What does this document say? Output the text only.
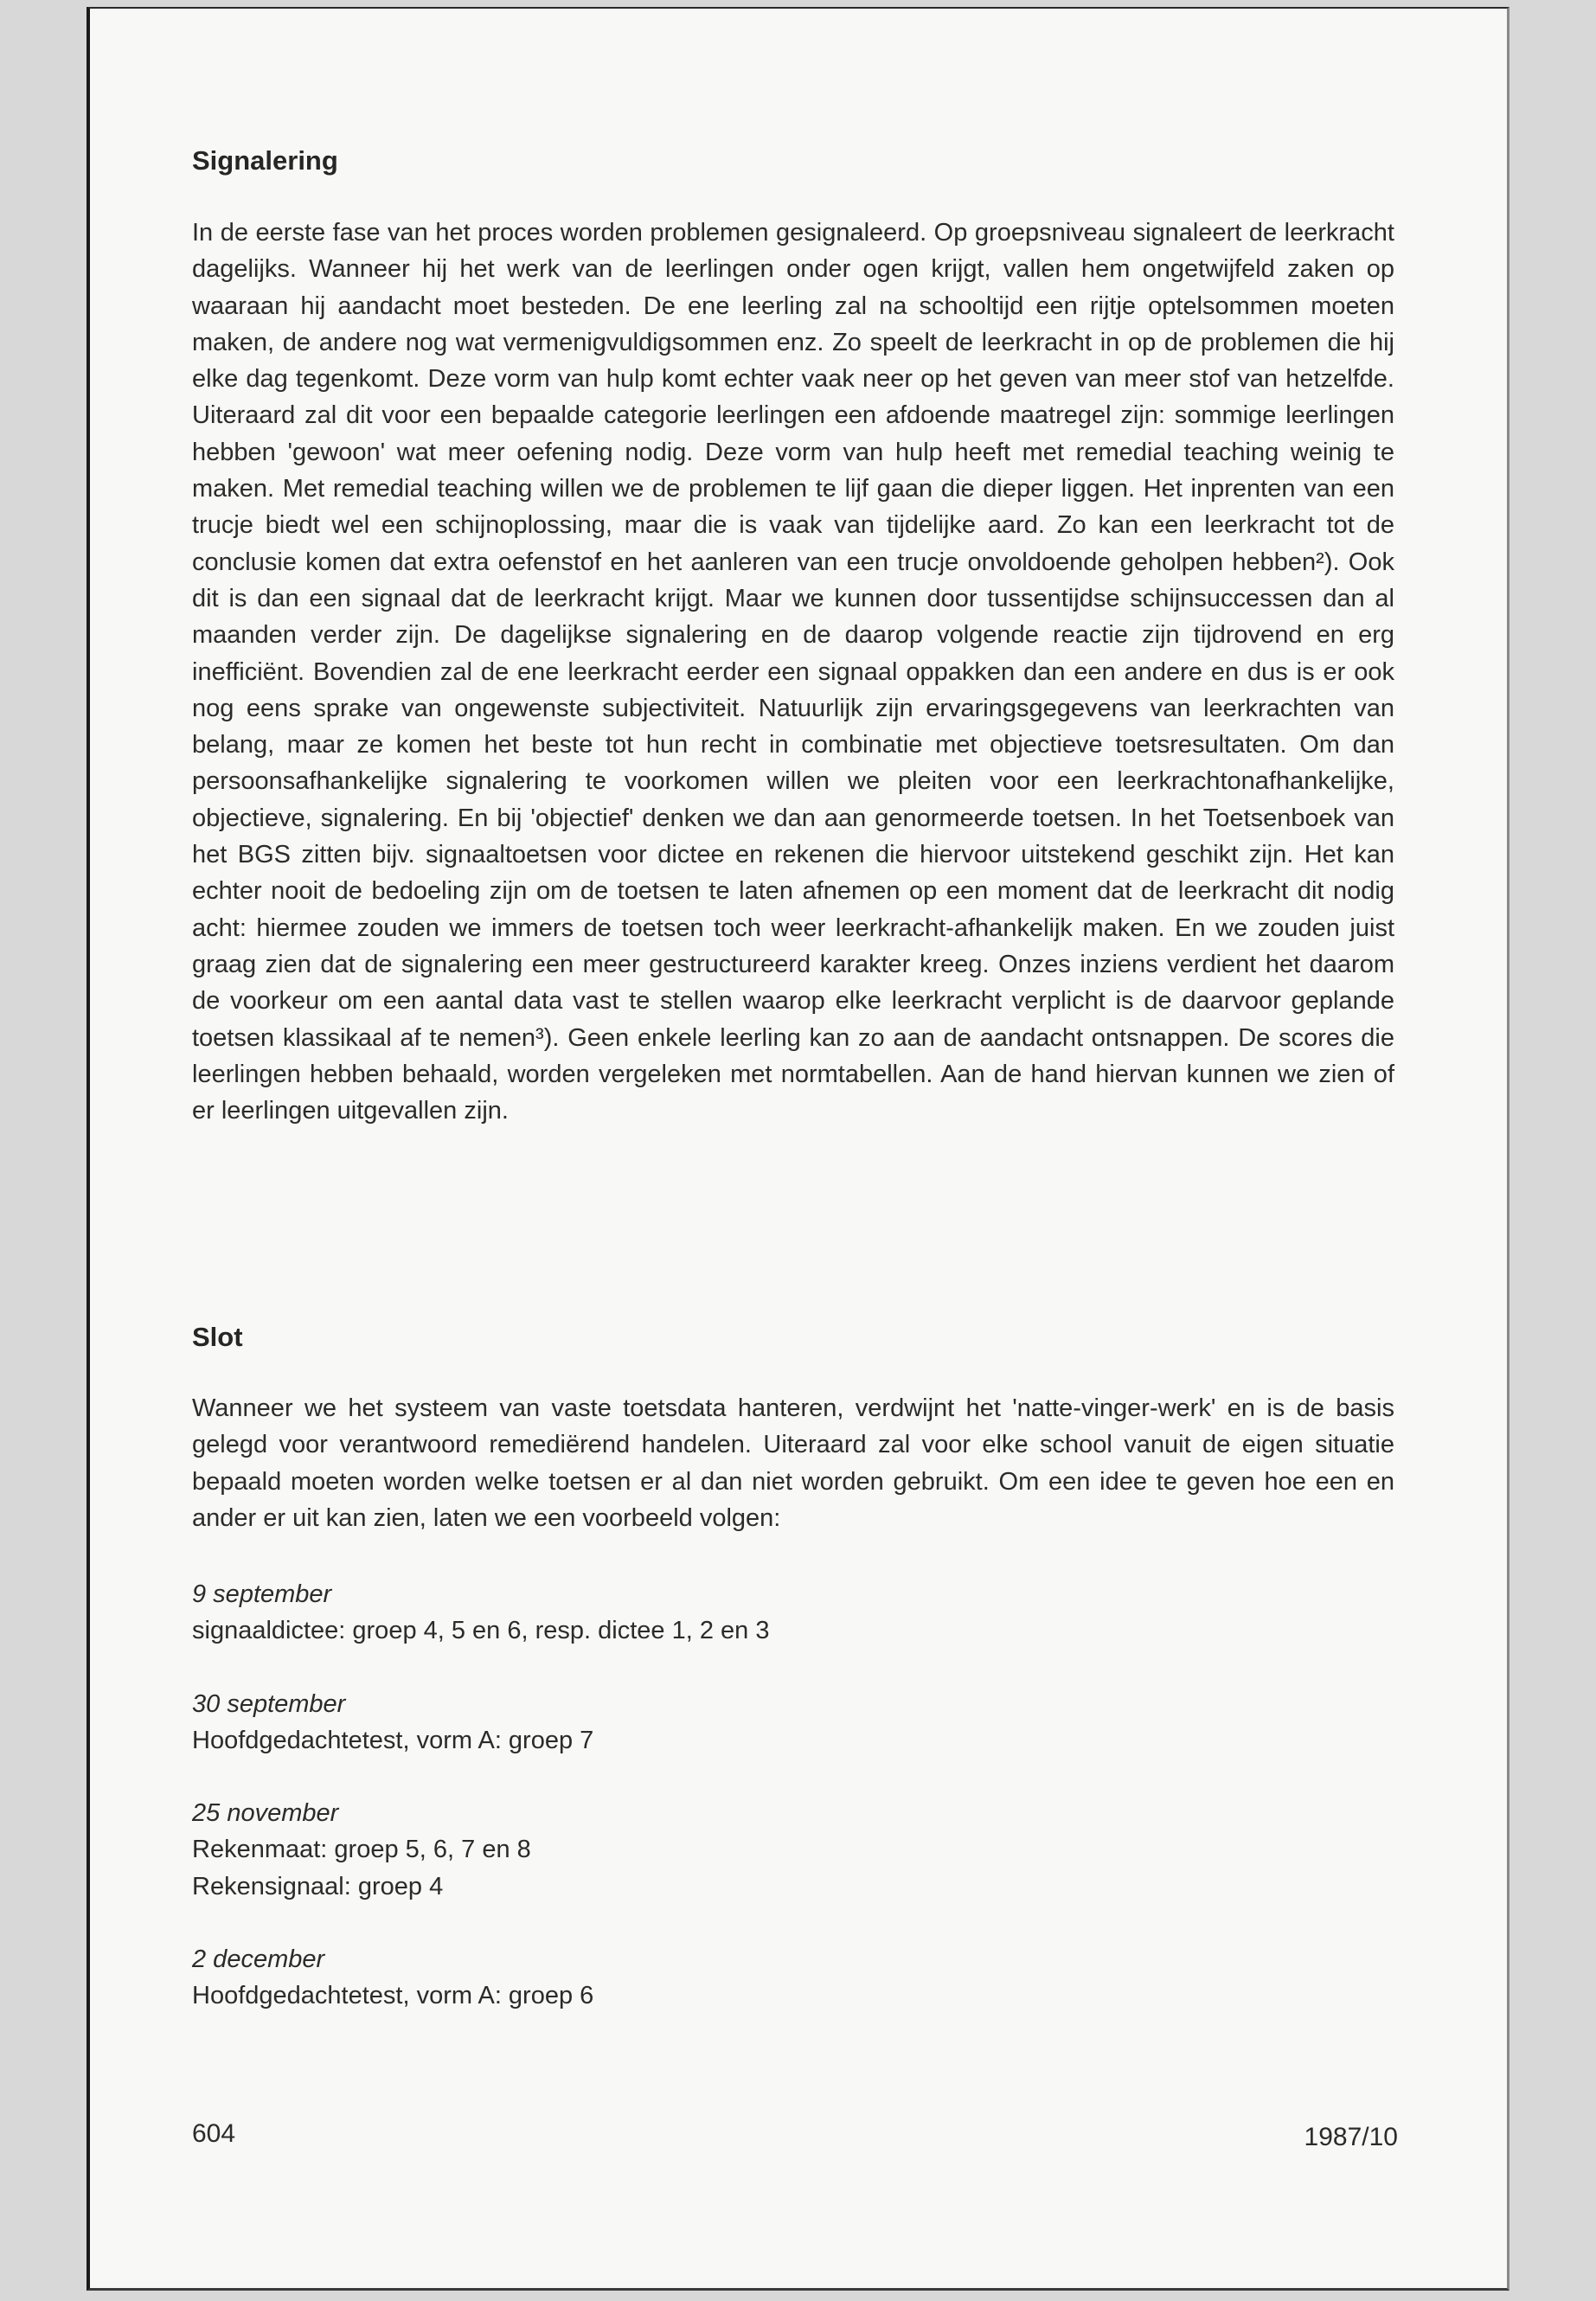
Signalering

In de eerste fase van het proces worden problemen gesignaleerd. Op groepsniveau signaleert de leerkracht dagelijks. Wanneer hij het werk van de leerlingen onder ogen krijgt, vallen hem ongetwijfeld zaken op waaraan hij aandacht moet besteden. De ene leerling zal na schooltijd een rijtje optelsommen moeten maken, de andere nog wat vermenigvuldigsommen enz. Zo speelt de leerkracht in op de problemen die hij elke dag tegenkomt. Deze vorm van hulp komt echter vaak neer op het geven van meer stof van hetzelfde. Uiteraard zal dit voor een bepaalde categorie leerlingen een afdoende maatregel zijn: sommige leerlingen hebben 'gewoon' wat meer oefening nodig. Deze vorm van hulp heeft met remedial teaching weinig te maken. Met remedial teaching willen we de problemen te lijf gaan die dieper liggen. Het inprenten van een trucje biedt wel een schijnoplossing, maar die is vaak van tijdelijke aard. Zo kan een leerkracht tot de conclusie komen dat extra oefenstof en het aanleren van een trucje onvoldoende geholpen hebben²). Ook dit is dan een signaal dat de leerkracht krijgt. Maar we kunnen door tussentijdse schijnsuccessen dan al maanden verder zijn. De dagelijkse signalering en de daarop volgende reactie zijn tijdrovend en erg inefficiënt. Bovendien zal de ene leerkracht eerder een signaal oppakken dan een andere en dus is er ook nog eens sprake van ongewenste subjectiviteit. Natuurlijk zijn ervaringsgegevens van leerkrachten van belang, maar ze komen het beste tot hun recht in combinatie met objectieve toetsresultaten. Om dan persoonsafhankelijke signalering te voorkomen willen we pleiten voor een leerkrachtonafhankelijke, objectieve, signalering. En bij 'objectief' denken we dan aan genormeerde toetsen. In het Toetsenboek van het BGS zitten bijv. signaaltoetsen voor dictee en rekenen die hiervoor uitstekend geschikt zijn. Het kan echter nooit de bedoeling zijn om de toetsen te laten afnemen op een moment dat de leerkracht dit nodig acht: hiermee zouden we immers de toetsen toch weer leerkracht-afhankelijk maken. En we zouden juist graag zien dat de signalering een meer gestructureerd karakter kreeg. Onzes inziens verdient het daarom de voorkeur om een aantal data vast te stellen waarop elke leerkracht verplicht is de daarvoor geplande toetsen klassikaal af te nemen³). Geen enkele leerling kan zo aan de aandacht ontsnappen. De scores die leerlingen hebben behaald, worden vergeleken met normtabellen. Aan de hand hiervan kunnen we zien of er leerlingen uitgevallen zijn.

Slot

Wanneer we het systeem van vaste toetsdata hanteren, verdwijnt het 'natte-vinger-werk' en is de basis gelegd voor verantwoord remediërend handelen. Uiteraard zal voor elke school vanuit de eigen situatie bepaald moeten worden welke toetsen er al dan niet worden gebruikt. Om een idee te geven hoe een en ander er uit kan zien, laten we een voorbeeld volgen:

9 september
signaaldictee: groep 4, 5 en 6, resp. dictee 1, 2 en 3
30 september
Hoofdgedachtetest, vorm A: groep 7
25 november
Rekenmaat: groep 5, 6, 7 en 8
Rekensignaal: groep 4
2 december
Hoofdgedachtetest, vorm A: groep 6
604	1987/10
